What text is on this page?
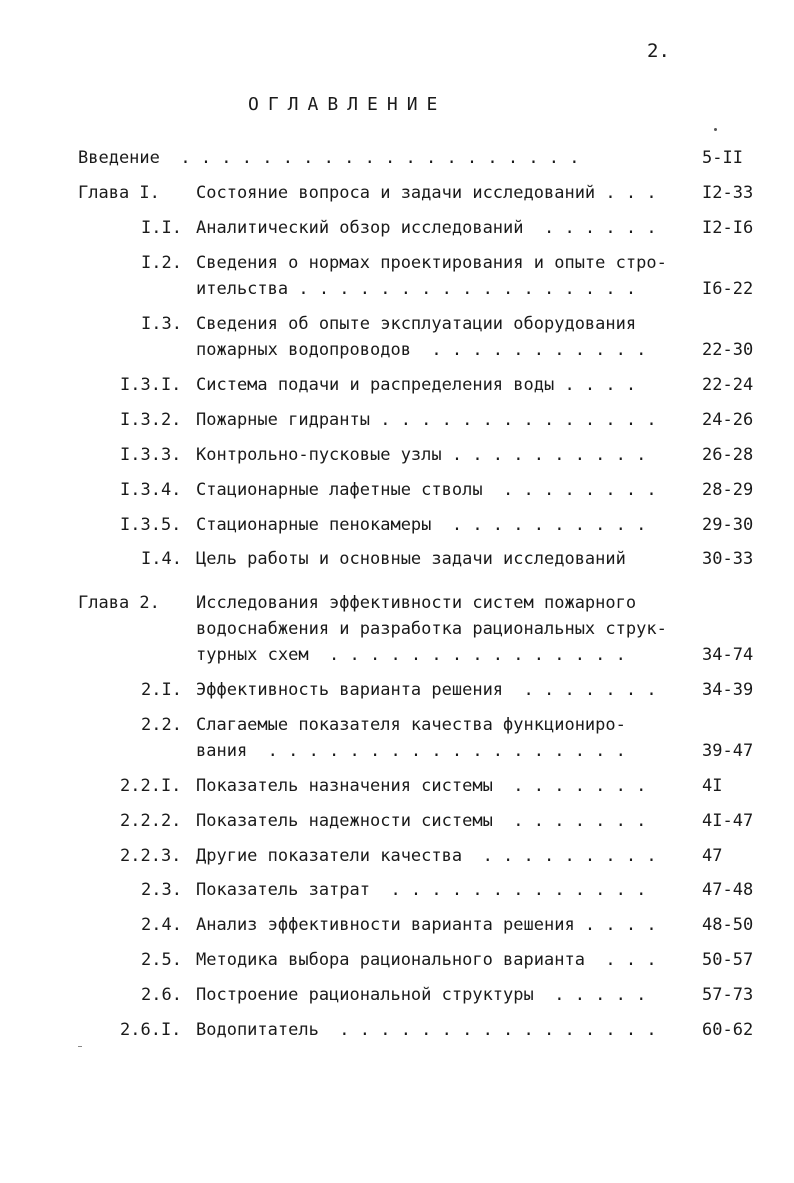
2.
ОГЛАВЛЕНИЕ
Введение  . . . . . . . . . . . . . . . . . . . .	5-II
Глава I. Состояние вопроса и задачи исследований . . .	I2-33
I.I. Аналитический обзор исследований  . . . . . .	I2-I6
I.2. Сведения о нормах проектирования и опыте стро-
ительства . . . . . . . . . . . . . . . . .	I6-22
I.3. Сведения об опыте эксплуатации оборудования
пожарных водопроводов  . . . . . . . . . . .	22-30
I.3.I. Система подачи и распределения воды . . . .	22-24
I.3.2. Пожарные гидранты . . . . . . . . . . . . . .	24-26
I.3.3. Контрольно-пусковые узлы . . . . . . . . . .	26-28
I.3.4. Стационарные лафетные стволы  . . . . . . . .	28-29
I.3.5. Стационарные пенокамеры  . . . . . . . . . .	29-30
I.4. Цель работы и основные задачи исследований	30-33
Глава 2. Исследования эффективности систем пожарного
водоснабжения и разработка рациональных струк-
турных схем  . . . . . . . . . . . . . . .	34-74
2.I. Эффективность варианта решения  . . . . . . .	34-39
2.2. Слагаемые показателя качества функциониро-
вания  . . . . . . . . . . . . . . . . . .	39-47
2.2.I. Показатель назначения системы  . . . . . . .	4I
2.2.2. Показатель надежности системы  . . . . . . .	4I-47
2.2.3. Другие показатели качества  . . . . . . . . .	47
2.3. Показатель затрат  . . . . . . . . . . . . .	47-48
2.4. Анализ эффективности варианта решения . . . .	48-50
2.5. Методика выбора рационального варианта  . . .	50-57
2.6. Построение рациональной структуры  . . . . .	57-73
2.6.I. Водопитатель  . . . . . . . . . . . . . . . .	60-62
